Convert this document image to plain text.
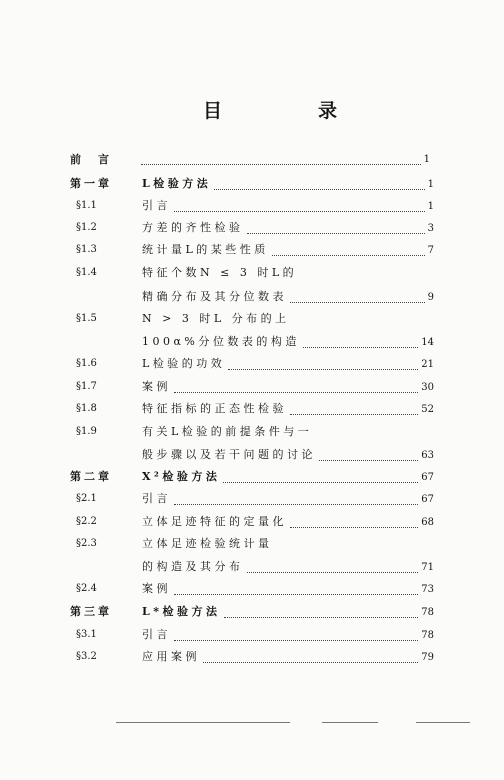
目	录
前　言	1
第一章	L检验方法	1
§1.1	引言	1
§1.2	方差的齐性检验	3
§1.3	统计量L的某些性质	7
§1.4	特征个数N ≤ 3 时L的
精确分布及其分位数表	9
§1.5	N > 3 时L 分布的上
100α%分位数表的构造	14
§1.6	L检验的功效	21
§1.7	案例	30
§1.8	特征指标的正态性检验	52
§1.9	有关L检验的前提条件与一
般步骤以及若干问题的讨论	63
第二章	X²检验方法	67
§2.1	引言	67
§2.2	立体足迹特征的定量化	68
§2.3	立体足迹检验统计量
的构造及其分布	71
§2.4	案例	73
第三章	L*检验方法	78
§3.1	引言	78
§3.2	应用案例	79
